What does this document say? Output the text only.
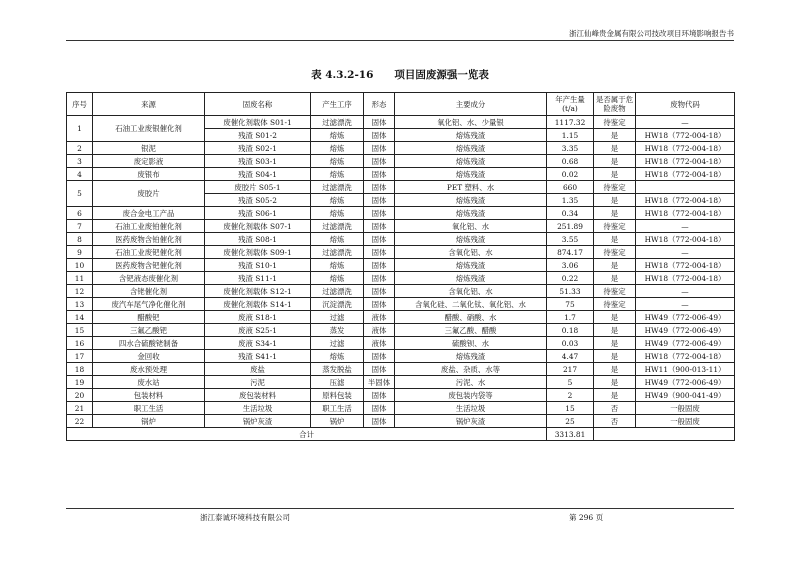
浙江仙峰贵金属有限公司技改项目环境影响报告书
表 4.3.2-16　　项目固废源强一览表
序号	来源	固废名称	产生工序	形态	主要成分	年产生量(t/a)	是否属于危险废物	废物代码
1	石油工业废银催化剂	废催化剂载体 S01-1	过滤漂洗	固体	氧化铝、水、少量银	1117.32	待鉴定	—
		残渣 S01-2	熔炼	固体	熔炼残渣	1.15	是	HW18（772-004-18）
2	银泥	残渣 S02-1	熔炼	固体	熔炼残渣	3.35	是	HW18（772-004-18）
3	废定影液	残渣 S03-1	熔炼	固体	熔炼残渣	0.68	是	HW18（772-004-18）
4	废银布	残渣 S04-1	熔炼	固体	熔炼残渣	0.02	是	HW18（772-004-18）
5	废胶片	废胶片 S05-1	过滤漂洗	固体	PET 塑料、水	660	待鉴定	
		残渣 S05-2	熔炼	固体	熔炼残渣	1.35	是	HW18（772-004-18）
6	废合金电工产品	残渣 S06-1	熔炼	固体	熔炼残渣	0.34	是	HW18（772-004-18）
7	石油工业废铂催化剂	废催化剂载体 S07-1	过滤漂洗	固体	氧化铝、水	251.89	待鉴定	—
8	医药废物含铂催化剂	残渣 S08-1	熔炼	固体	熔炼残渣	3.55	是	HW18（772-004-18）
9	石油工业废钯催化剂	废催化剂载体 S09-1	过滤漂洗	固体	含氧化铝、水	874.17	待鉴定	—
10	医药废物含钯催化剂	残渣 S10-1	熔炼	固体	熔炼残渣	3.06	是	HW18（772-004-18）
11	含钯液态废催化剂	残渣 S11-1	熔炼	固体	熔炼残渣	0.22	是	HW18（772-004-18）
12	含铑催化剂	废催化剂载体 S12-1	过滤漂洗	固体	含氧化铝、水	51.33	待鉴定	—
13	废汽车尾气净化催化剂	废催化剂载体 S14-1	沉淀漂洗	固体	含氧化硅、二氧化钛、氧化铝、水	75	待鉴定	—
14	醋酸钯	废液 S18-1	过滤	液体	醋酸、硝酸、水	1.7	是	HW49（772-006-49）
15	三氟乙酸钯	废液 S25-1	蒸发	液体	三氟乙酸、醋酸	0.18	是	HW49（772-006-49）
16	四水合硫酸铑制备	废液 S34-1	过滤	液体	硫酸钡、水	0.03	是	HW49（772-006-49）
17	金回收	残渣 S41-1	熔炼	固体	熔炼残渣	4.47	是	HW18（772-004-18）
18	废水预处理	废盐	蒸发脱盐	固体	废盐、杂质、水等	217	是	HW11（900-013-11）
19	废水站	污泥	压滤	半固体	污泥、水	5	是	HW49（772-006-49）
20	包装材料	废包装材料	原料包装	固体	废包装内袋等	2	是	HW49（900-041-49）
21	职工生活	生活垃圾	职工生活	固体	生活垃圾	15	否	一般固废
22	锅炉	锅炉灰渣	锅炉	固体	锅炉灰渣	25	否	一般固废
合计						3313.81		
浙江泰诚环境科技有限公司	第 296 页
